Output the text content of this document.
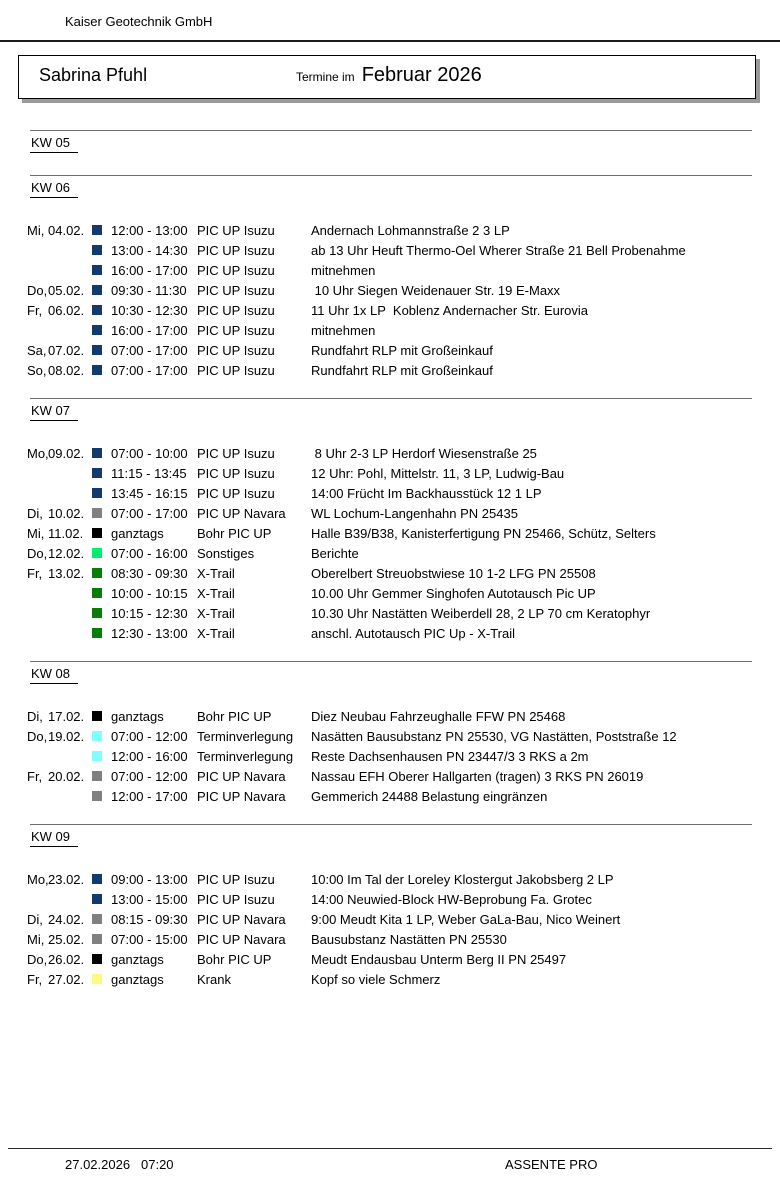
Kaiser Geotechnik GmbH
Sabrina Pfuhl	Termine im Februar 2026
KW 05
KW 06
Mi, 04.02.	12:00 - 13:00 PIC UP Isuzu	Andernach Lohmannstraße 2 3 LP
13:00 - 14:30 PIC UP Isuzu	ab 13 Uhr Heuft Thermo-Oel Wherer Straße 21 Bell Probenahme
16:00 - 17:00 PIC UP Isuzu	mitnehmen
Do, 05.02.	09:30 - 11:30 PIC UP Isuzu	10 Uhr Siegen Weidenauer Str. 19 E-Maxx
Fr, 06.02.	10:30 - 12:30 PIC UP Isuzu	11 Uhr 1x LP  Koblenz Andernacher Str. Eurovia
16:00 - 17:00 PIC UP Isuzu	mitnehmen
Sa, 07.02.	07:00 - 17:00 PIC UP Isuzu	Rundfahrt RLP mit Großeinkauf
So, 08.02.	07:00 - 17:00 PIC UP Isuzu	Rundfahrt RLP mit Großeinkauf
KW 07
Mo, 09.02.	07:00 - 10:00 PIC UP Isuzu	8 Uhr 2-3 LP Herdorf Wiesenstraße 25
11:15 - 13:45 PIC UP Isuzu	12 Uhr: Pohl, Mittelstr. 11, 3 LP, Ludwig-Bau
13:45 - 16:15 PIC UP Isuzu	14:00 Frücht Im Backhausstück 12 1 LP
Di, 10.02.	07:00 - 17:00 PIC UP Navara	WL Lochum-Langenhahn PN 25435
Mi, 11.02.	ganztags	Bohr PIC UP	Halle B39/B38, Kanisterfertigung PN 25466, Schütz, Selters
Do, 12.02.	07:00 - 16:00 Sonstiges	Berichte
Fr, 13.02.	08:30 - 09:30 X-Trail	Oberelbert Streuobstwiese 10 1-2 LFG PN 25508
10:00 - 10:15 X-Trail	10.00 Uhr Gemmer Singhofen Autotausch Pic UP
10:15 - 12:30 X-Trail	10.30 Uhr Nastätten Weiberdell 28, 2 LP 70 cm Keratophyr
12:30 - 13:00 X-Trail	anschl. Autotausch PIC Up - X-Trail
KW 08
Di, 17.02.	ganztags	Bohr PIC UP	Diez Neubau Fahrzeughalle FFW PN 25468
Do, 19.02.	07:00 - 12:00 Terminverlegung	Nasätten Bausubstanz PN 25530, VG Nastätten, Poststraße 12
12:00 - 16:00 Terminverlegung	Reste Dachsenhausen PN 23447/3 3 RKS a 2m
Fr, 20.02.	07:00 - 12:00 PIC UP Navara	Nassau EFH Oberer Hallgarten (tragen) 3 RKS PN 26019
12:00 - 17:00 PIC UP Navara	Gemmerich 24488 Belastung eingränzen
KW 09
Mo, 23.02.	09:00 - 13:00 PIC UP Isuzu	10:00 Im Tal der Loreley Klostergut Jakobsberg 2 LP
13:00 - 15:00 PIC UP Isuzu	14:00 Neuwied-Block HW-Beprobung Fa. Grotec
Di, 24.02.	08:15 - 09:30 PIC UP Navara	9:00 Meudt Kita 1 LP, Weber GaLa-Bau, Nico Weinert
Mi, 25.02.	07:00 - 15:00 PIC UP Navara	Bausubstanz Nastätten PN 25530
Do, 26.02.	ganztags	Bohr PIC UP	Meudt Endausbau Unterm Berg II PN 25497
Fr, 27.02.	ganztags	Krank	Kopf so viele Schmerz
27.02.2026 07:20	ASSENTE PRO
